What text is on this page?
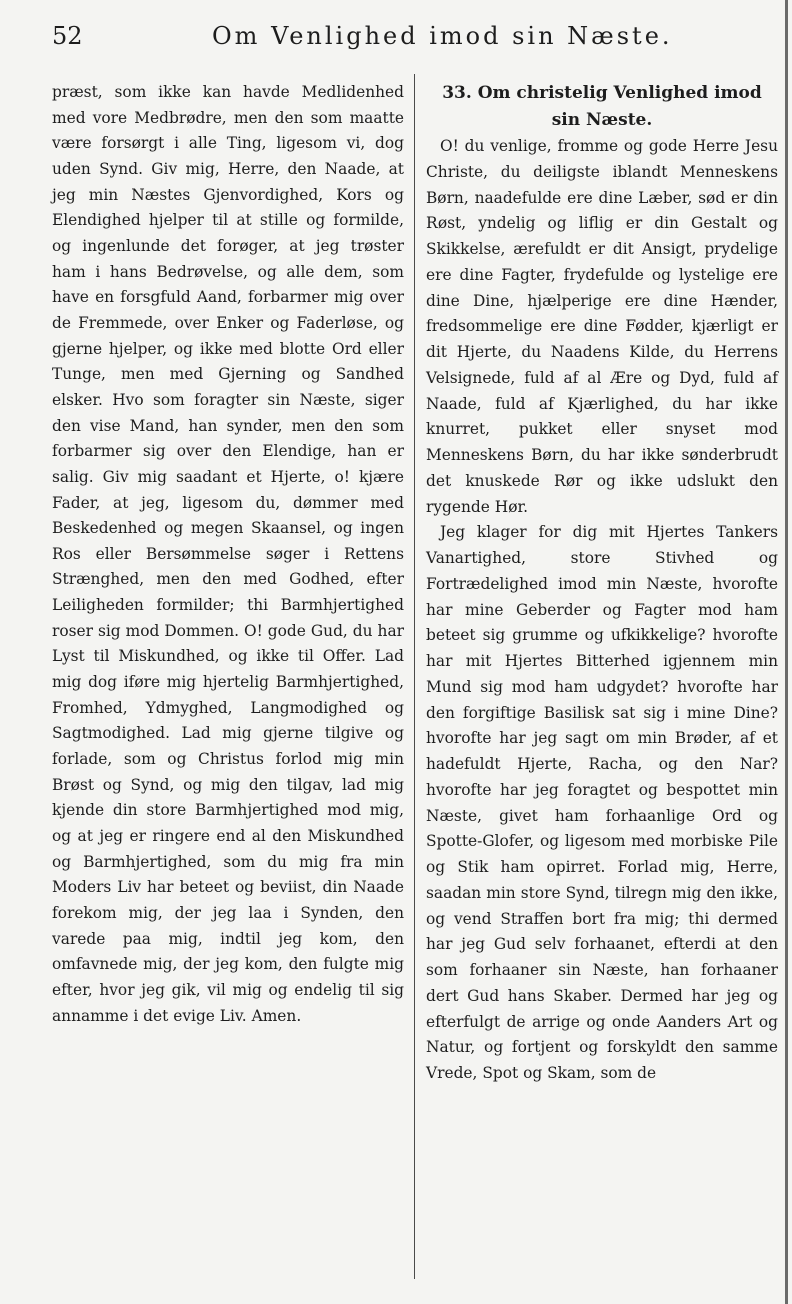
52	Om Venlighed imod sin Næste.

præst, som ikke kan havde Medlidenhed med vore Medbrødre, men den som maatte være forsørgt i alle Ting, ligesom vi, dog uden Synd. Giv mig, Herre, den Naade, at jeg min Næstes Gjenvordighed, Kors og Elendighed hjelper til at stille og formilde, og ingenlunde det forøger, at jeg trøster ham i hans Bedrøvelse, og alle dem, som have en forsgfuld Aand, forbarmer mig over de Fremmede, over Enker og Faderløse, og gjerne hjelper, og ikke med blotte Ord eller Tunge, men med Gjerning og Sandhed elsker. Hvo som foragter sin Næste, siger den vise Mand, han synder, men den som forbarmer sig over den Elendige, han er salig. Giv mig saadant et Hjerte, o! kjære Fader, at jeg, ligesom du, dømmer med Beskedenhed og megen Skaansel, og ingen Ros eller Bersømmelse søger i Rettens Strænghed, men den med Godhed, efter Leiligheden formilder; thi Barmhjertighed roser sig mod Dommen. O! gode Gud, du har Lyst til Miskundhed, og ikke til Offer. Lad mig dog iføre mig hjertelig Barmhjertighed, Fromhed, Ydmyghed, Langmodighed og Sagtmodighed. Lad mig gjerne tilgive og forlade, som og Christus forlod mig min Brøst og Synd, og mig den tilgav, lad mig kjende din store Barmhjertighed mod mig, og at jeg er ringere end al den Miskundhed og Barmhjertighed, som du mig fra min Moders Liv har beteet og beviist, din Naade forekom mig, der jeg laa i Synden, den varede paa mig, indtil jeg kom, den omfavnede mig, der jeg kom, den fulgte mig efter, hvor jeg gik, vil mig og endelig til sig annamme i det evige Liv. Amen.

33. Om christelig Venlighed imod sin Næste.

O! du venlige, fromme og gode Herre Jesu Christe, du deiligste iblandt Menneskens Børn, naadefulde ere dine Læber, sød er din Røst, yndelig og liflig er din Gestalt og Skikkelse, ærefuldt er dit Ansigt, prydelige ere dine Fagter, frydefulde og lystelige ere dine Dine, hjælperige ere dine Hænder, fredsommelige ere dine Fødder, kjærligt er dit Hjerte, du Naadens Kilde, du Herrens Velsignede, fuld af al Ære og Dyd, fuld af Naade, fuld af Kjærlighed, du har ikke knurret, pukket eller snyset mod Menneskens Børn, du har ikke sønderbrudt det knuskede Rør og ikke udslukt den rygende Hør.

Jeg klager for dig mit Hjertes Tankers Vanartighed, store Stivhed og Fortrædelighed imod min Næste, hvorofte har mine Geberder og Fagter mod ham beteet sig grumme og ufkikkelige? hvorofte har mit Hjertes Bitterhed igjennem min Mund sig mod ham udgydet? hvorofte har den forgiftige Basilisk sat sig i mine Dine? hvorofte har jeg sagt om min Brøder, af et hadefuldt Hjerte, Racha, og den Nar? hvorofte har jeg foragtet og bespottet min Næste, givet ham forhaanlige Ord og Spotte-Glofer, og ligesom med morbiske Pile og Stik ham opirret. Forlad mig, Herre, saadan min store Synd, tilregn mig den ikke, og vend Straffen bort fra mig; thi dermed har jeg Gud selv forhaanet, efterdi at den som forhaaner sin Næste, han forhaaner dert Gud hans Skaber. Dermed har jeg og efterfulgt de arrige og onde Aanders Art og Natur, og fortjent og forskyldt den samme Vrede, Spot og Skam, som de
